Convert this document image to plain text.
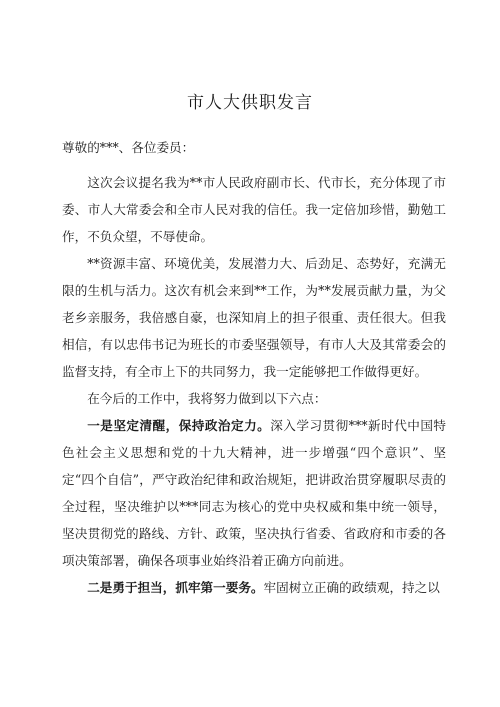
市人大供职发言

尊敬的***、各位委员：

这次会议提名我为**市人民政府副市长、代市长，充分体现了市委、市人大常委会和全市人民对我的信任。我一定倍加珍惜，勤勉工作，不负众望，不辱使命。

**资源丰富、环境优美，发展潜力大、后劲足、态势好，充满无限的生机与活力。这次有机会来到**工作，为**发展贡献力量，为父老乡亲服务，我倍感自豪，也深知肩上的担子很重、责任很大。但我相信，有以忠伟书记为班长的市委坚强领导，有市人大及其常委会的监督支持，有全市上下的共同努力，我一定能够把工作做得更好。

在今后的工作中，我将努力做到以下六点：

一是坚定清醒，保持政治定力。深入学习贯彻***新时代中国特色社会主义思想和党的十九大精神，进一步增强“四个意识”、坚定“四个自信”，严守政治纪律和政治规矩，把讲政治贯穿履职尽责的全过程，坚决维护以***同志为核心的党中央权威和集中统一领导，坚决贯彻党的路线、方针、政策，坚决执行省委、省政府和市委的各项决策部署，确保各项事业始终沿着正确方向前进。

二是勇于担当，抓牢第一要务。牢固树立正确的政绩观，持之以
